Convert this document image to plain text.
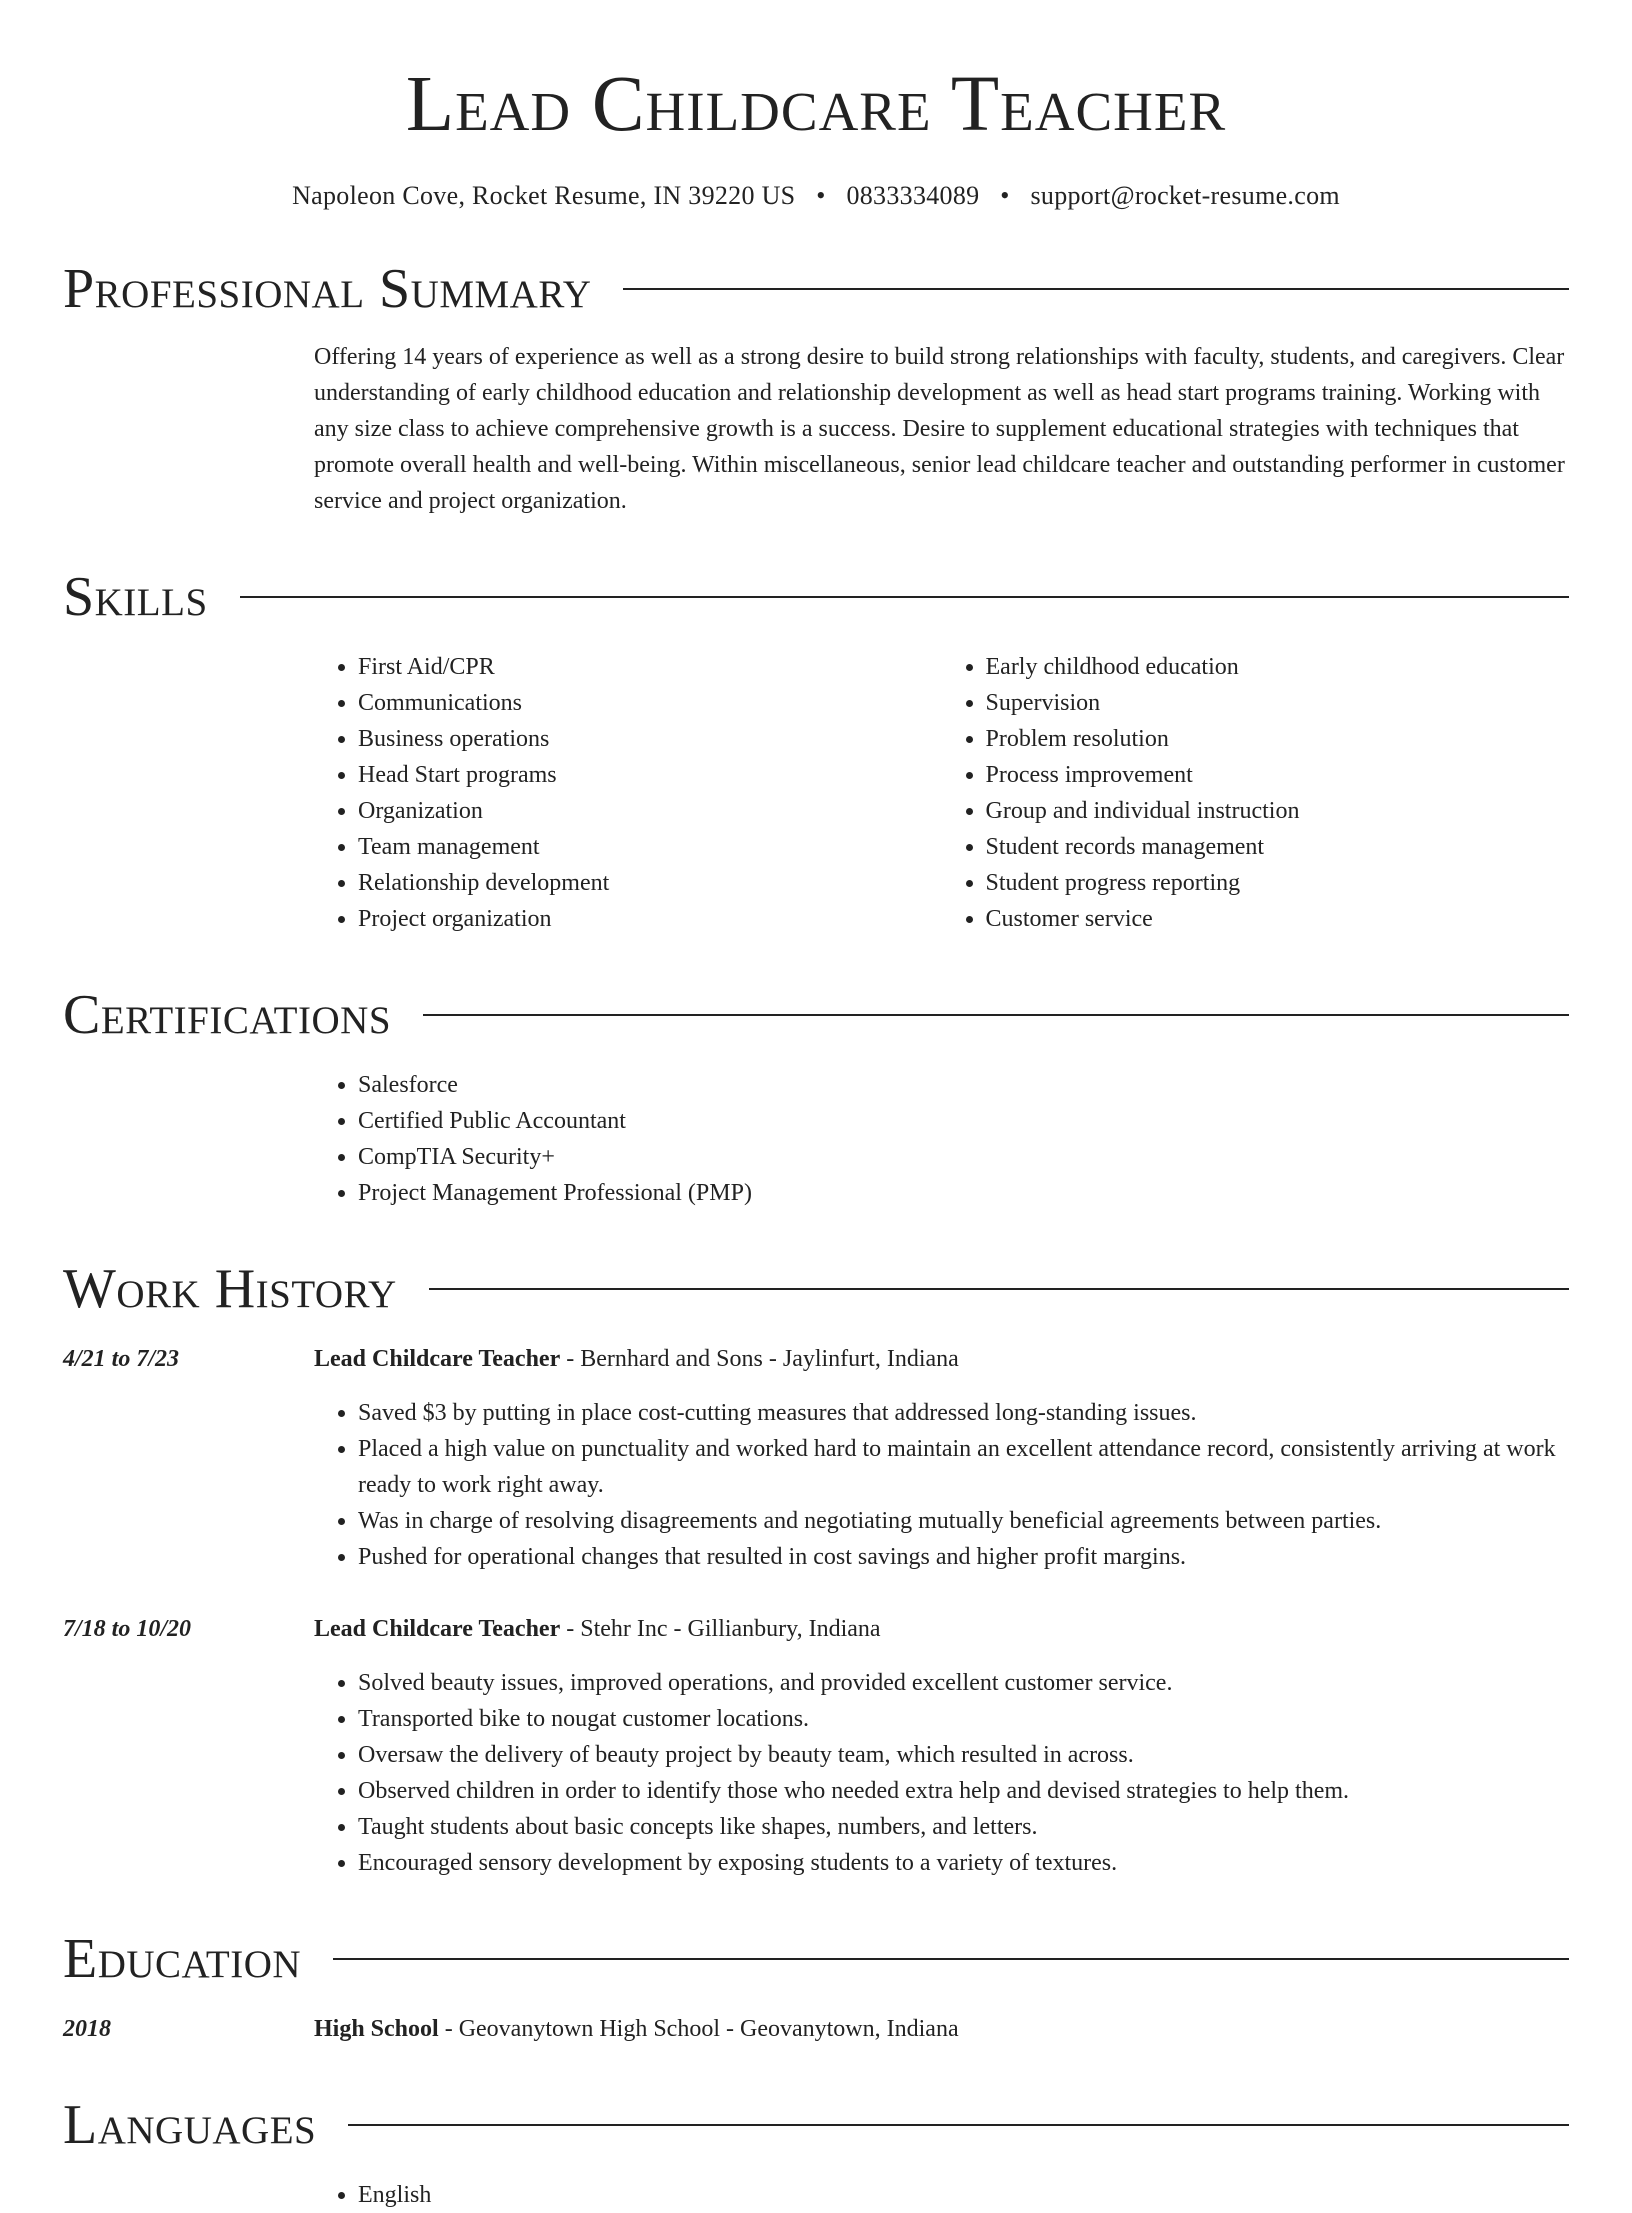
Lead Childcare Teacher
Napoleon Cove, Rocket Resume, IN 39220 US • 0833334089 • support@rocket-resume.com
Professional Summary
Offering 14 years of experience as well as a strong desire to build strong relationships with faculty, students, and caregivers. Clear understanding of early childhood education and relationship development as well as head start programs training. Working with any size class to achieve comprehensive growth is a success. Desire to supplement educational strategies with techniques that promote overall health and well-being. Within miscellaneous, senior lead childcare teacher and outstanding performer in customer service and project organization.
Skills
• First Aid/CPR
• Communications
• Business operations
• Head Start programs
• Organization
• Team management
• Relationship development
• Project organization
• Early childhood education
• Supervision
• Problem resolution
• Process improvement
• Group and individual instruction
• Student records management
• Student progress reporting
• Customer service
Certifications
• Salesforce
• Certified Public Accountant
• CompTIA Security+
• Project Management Professional (PMP)
Work History
4/21 to 7/23	Lead Childcare Teacher - Bernhard and Sons - Jaylinfurt, Indiana
• Saved $3 by putting in place cost-cutting measures that addressed long-standing issues.
• Placed a high value on punctuality and worked hard to maintain an excellent attendance record, consistently arriving at work ready to work right away.
• Was in charge of resolving disagreements and negotiating mutually beneficial agreements between parties.
• Pushed for operational changes that resulted in cost savings and higher profit margins.
7/18 to 10/20	Lead Childcare Teacher - Stehr Inc - Gillianbury, Indiana
• Solved beauty issues, improved operations, and provided excellent customer service.
• Transported bike to nougat customer locations.
• Oversaw the delivery of beauty project by beauty team, which resulted in across.
• Observed children in order to identify those who needed extra help and devised strategies to help them.
• Taught students about basic concepts like shapes, numbers, and letters.
• Encouraged sensory development by exposing students to a variety of textures.
Education
2018	High School - Geovanytown High School - Geovanytown, Indiana
Languages
• English
